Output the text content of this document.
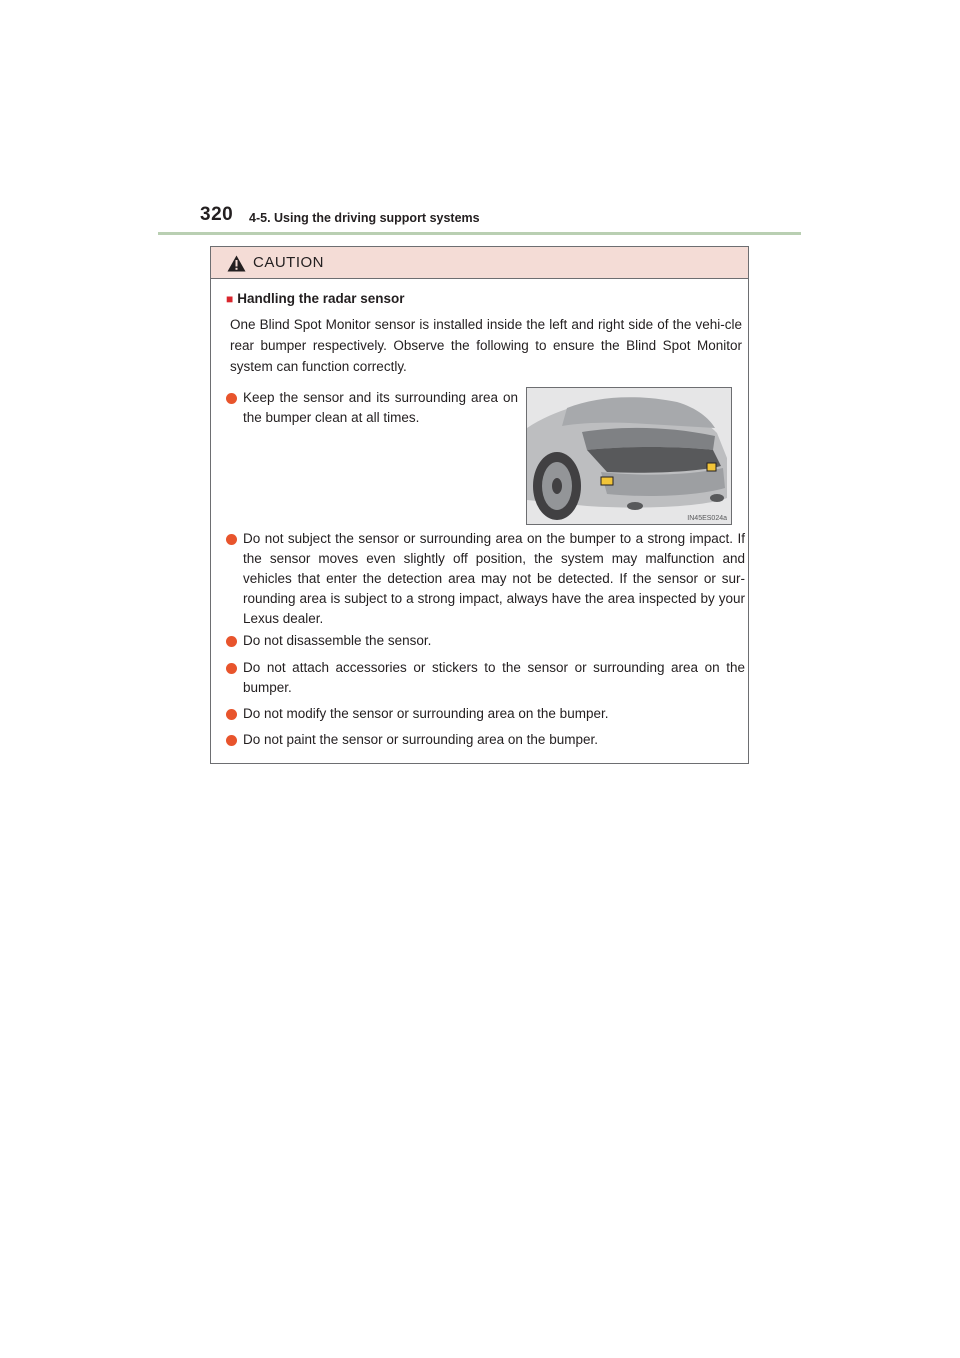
320 4-5. Using the driving support systems
CAUTION
■ Handling the radar sensor
One Blind Spot Monitor sensor is installed inside the left and right side of the vehi-cle rear bumper respectively. Observe the following to ensure the Blind Spot Monitor system can function correctly.
Keep the sensor and its surrounding area on the bumper clean at all times.
IN45ES024a
Do not subject the sensor or surrounding area on the bumper to a strong impact. If the sensor moves even slightly off position, the system may malfunction and vehicles that enter the detection area may not be detected. If the sensor or sur-rounding area is subject to a strong impact, always have the area inspected by your Lexus dealer.
Do not disassemble the sensor.
Do not attach accessories or stickers to the sensor or surrounding area on the bumper.
Do not modify the sensor or surrounding area on the bumper.
Do not paint the sensor or surrounding area on the bumper.
